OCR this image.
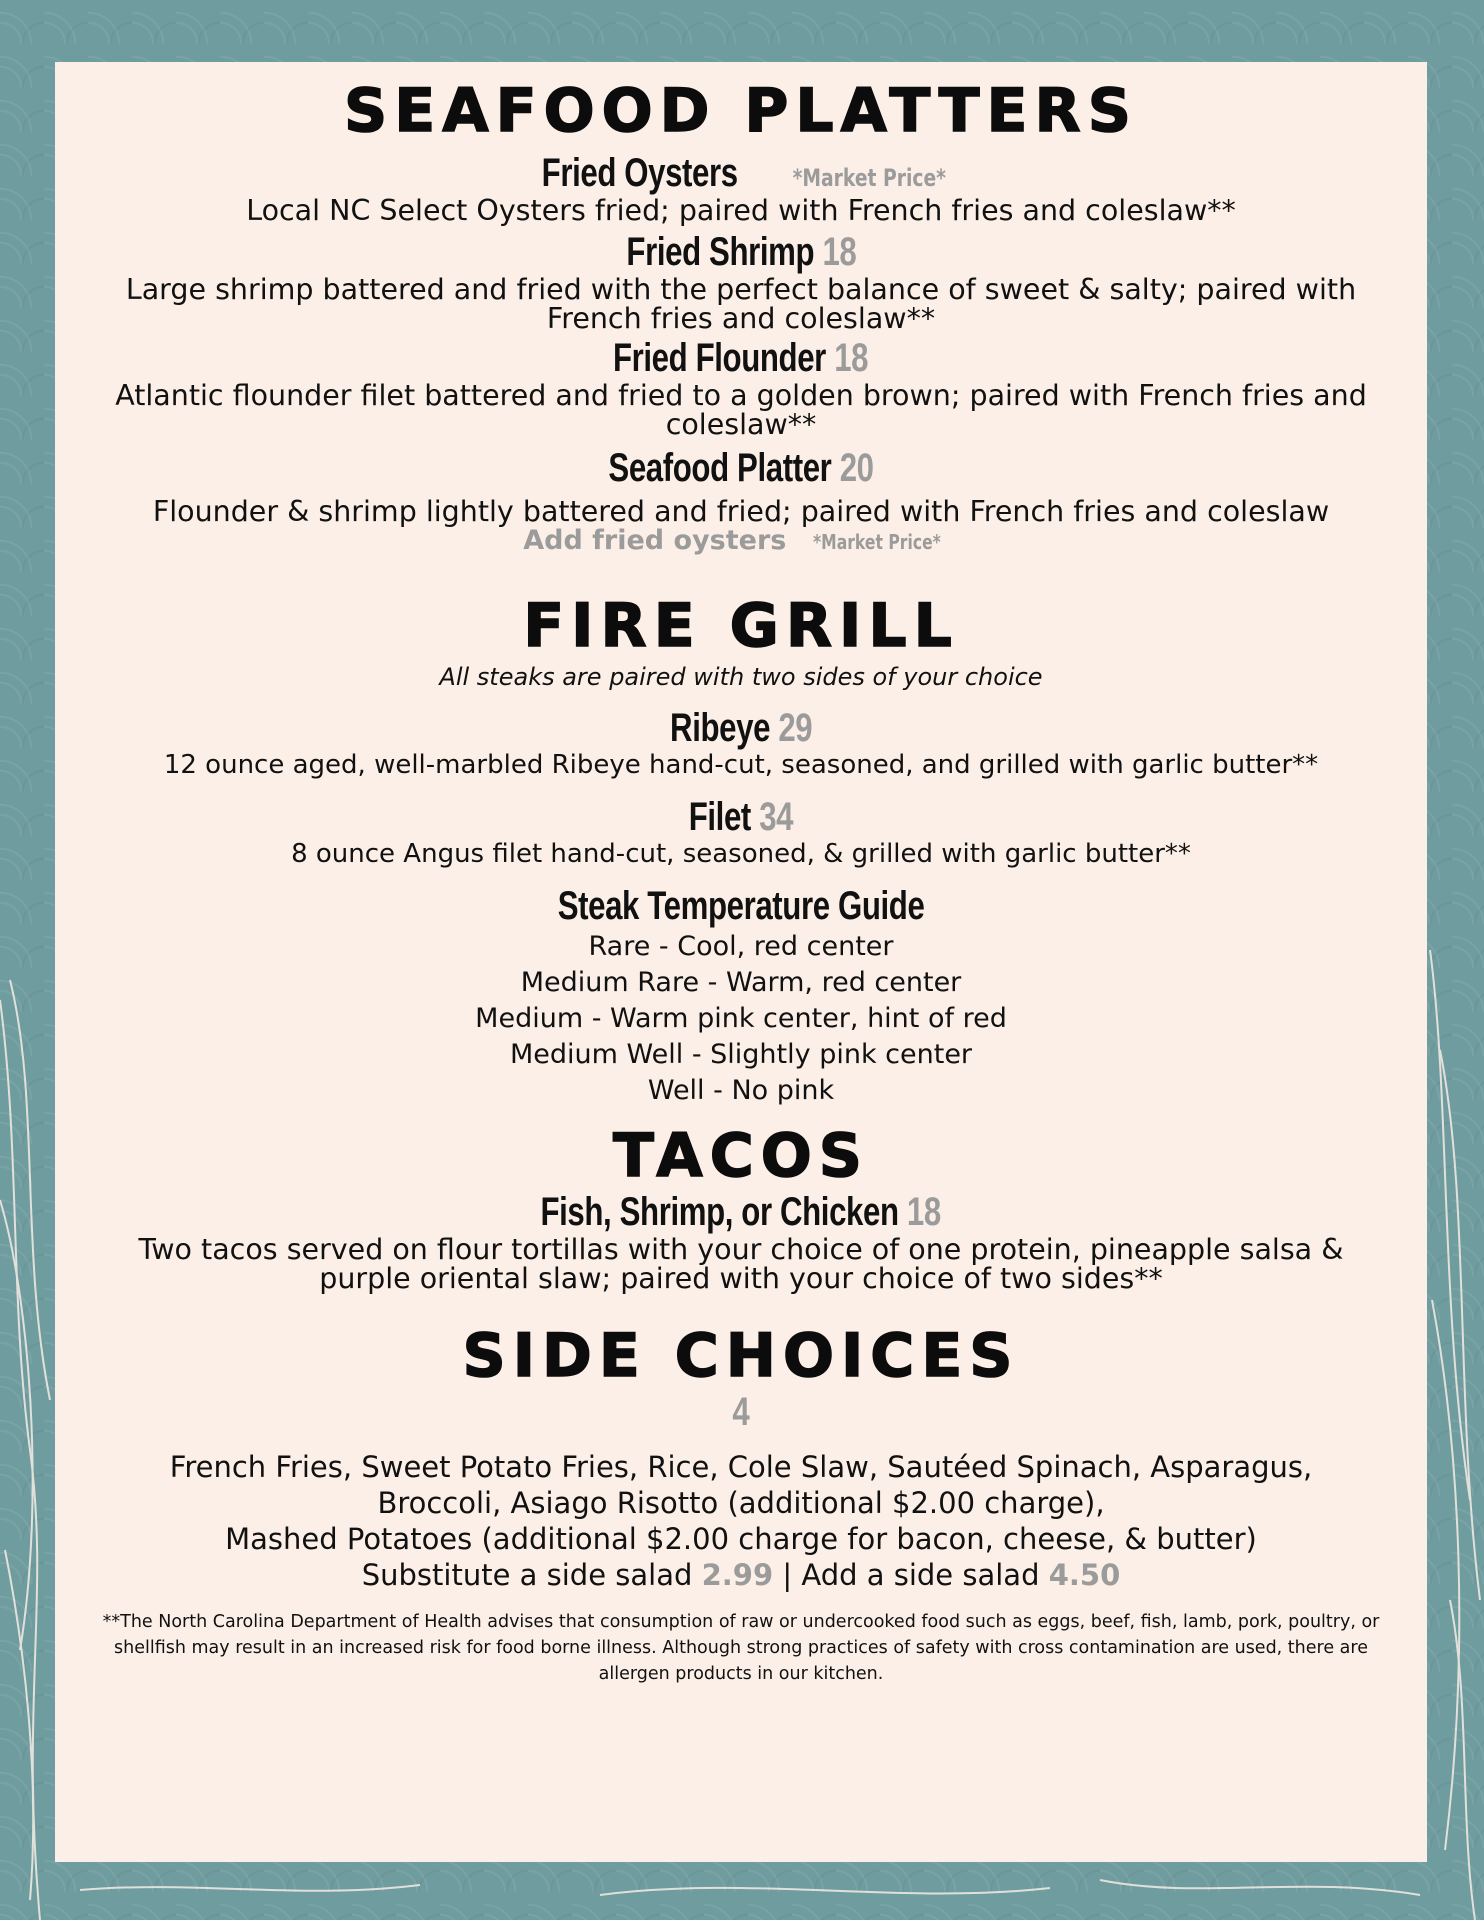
SEAFOOD PLATTERS
Fried Oysters *Market Price*
Local NC Select Oysters fried; paired with French fries and coleslaw**
Fried Shrimp 18
Large shrimp battered and fried with the perfect balance of sweet & salty; paired with French fries and coleslaw**
Fried Flounder 18
Atlantic flounder filet battered and fried to a golden brown; paired with French fries and coleslaw**
Seafood Platter 20
Flounder & shrimp lightly battered and fried; paired with French fries and coleslaw
Add fried oysters *Market Price*
FIRE GRILL
All steaks are paired with two sides of your choice
Ribeye 29
12 ounce aged, well-marbled Ribeye hand-cut, seasoned, and grilled with garlic butter**
Filet 34
8 ounce Angus filet hand-cut, seasoned, & grilled with garlic butter**
Steak Temperature Guide
Rare - Cool, red center
Medium Rare - Warm, red center
Medium - Warm pink center, hint of red
Medium Well - Slightly pink center
Well - No pink
TACOS
Fish, Shrimp, or Chicken 18
Two tacos served on flour tortillas with your choice of one protein, pineapple salsa & purple oriental slaw; paired with your choice of two sides**
SIDE CHOICES
4
French Fries, Sweet Potato Fries, Rice, Cole Slaw, Sautéed Spinach, Asparagus,
Broccoli, Asiago Risotto (additional $2.00 charge),
Mashed Potatoes (additional $2.00 charge for bacon, cheese, & butter)
Substitute a side salad 2.99 | Add a side salad 4.50
**The North Carolina Department of Health advises that consumption of raw or undercooked food such as eggs, beef, fish, lamb, pork, poultry, or shellfish may result in an increased risk for food borne illness. Although strong practices of safety with cross contamination are used, there are allergen products in our kitchen.
